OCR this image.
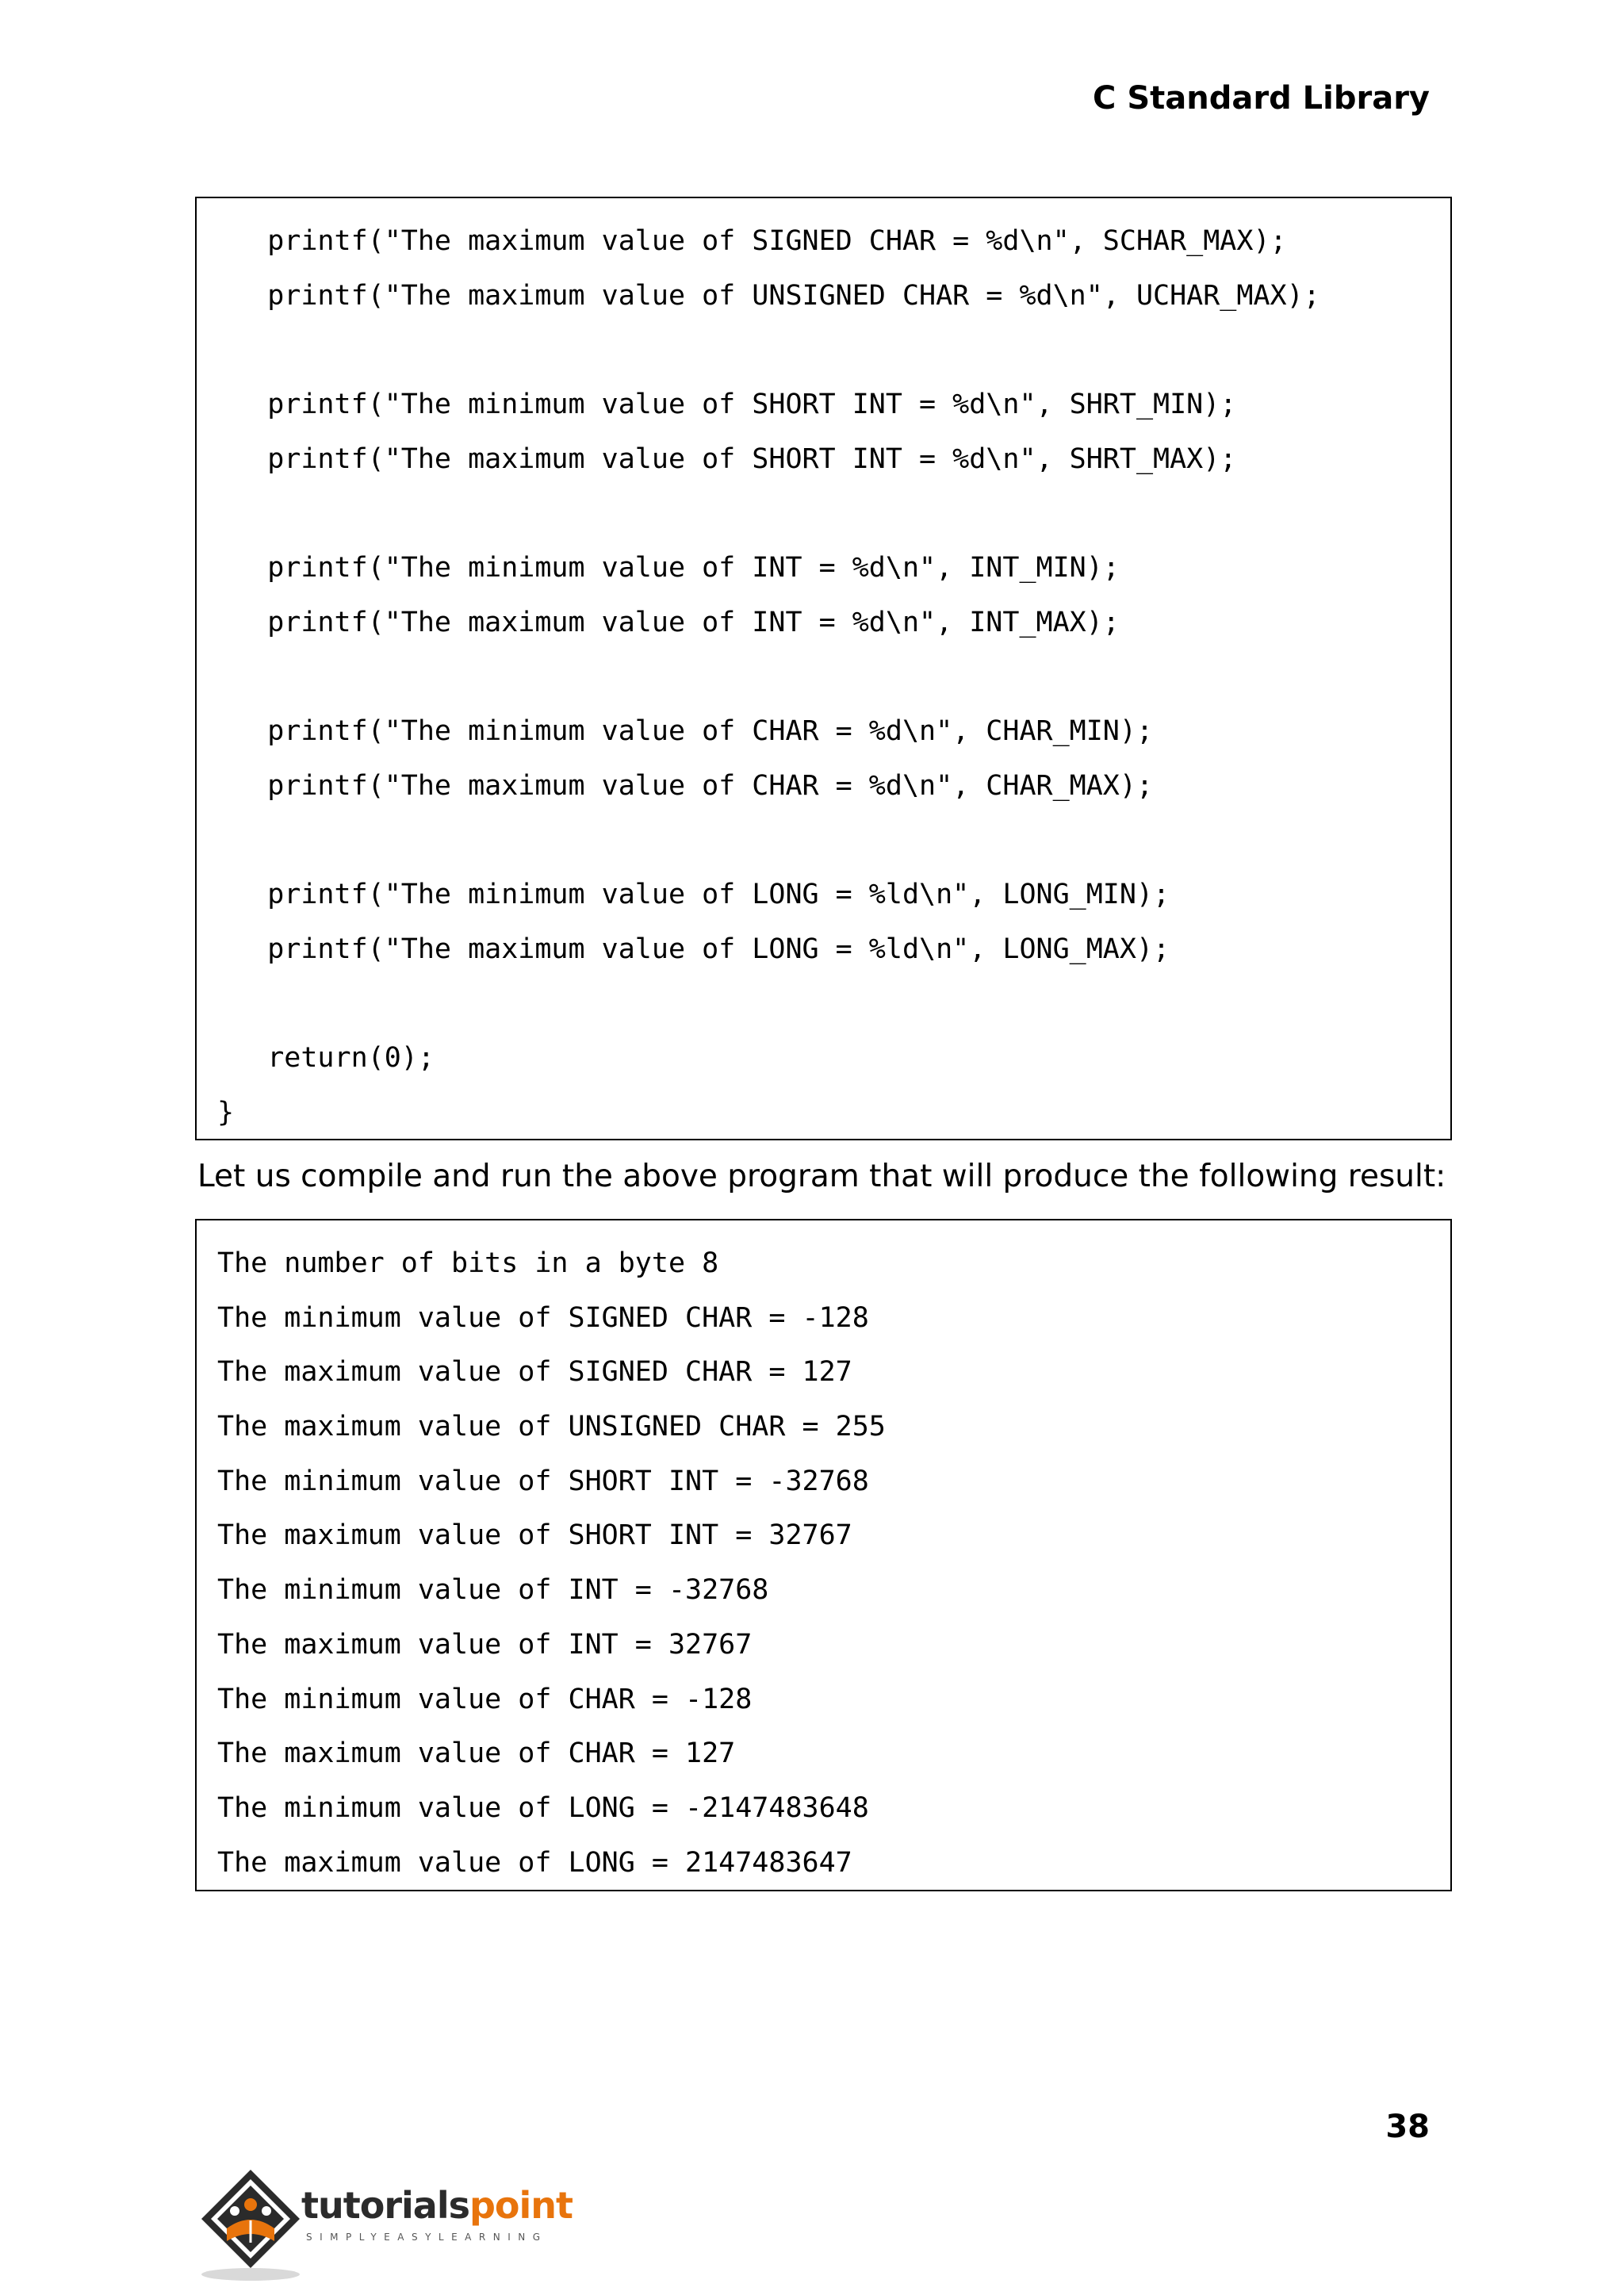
C Standard Library
printf("The maximum value of SIGNED CHAR = %d\n", SCHAR_MAX);
printf("The maximum value of UNSIGNED CHAR = %d\n", UCHAR_MAX);
printf("The minimum value of SHORT INT = %d\n", SHRT_MIN);
printf("The maximum value of SHORT INT = %d\n", SHRT_MAX);
printf("The minimum value of INT = %d\n", INT_MIN);
printf("The maximum value of INT = %d\n", INT_MAX);
printf("The minimum value of CHAR = %d\n", CHAR_MIN);
printf("The maximum value of CHAR = %d\n", CHAR_MAX);
printf("The minimum value of LONG = %ld\n", LONG_MIN);
printf("The maximum value of LONG = %ld\n", LONG_MAX);
return(0);
}
Let us compile and run the above program that will produce the following result:
The number of bits in a byte 8
The minimum value of SIGNED CHAR = -128
The maximum value of SIGNED CHAR = 127
The maximum value of UNSIGNED CHAR = 255
The minimum value of SHORT INT = -32768
The maximum value of SHORT INT = 32767
The minimum value of INT = -32768
The maximum value of INT = 32767
The minimum value of CHAR = -128
The maximum value of CHAR = 127
The minimum value of LONG = -2147483648
The maximum value of LONG = 2147483647
38
tutorialspoint
SIMPLYEASYLEARNING
